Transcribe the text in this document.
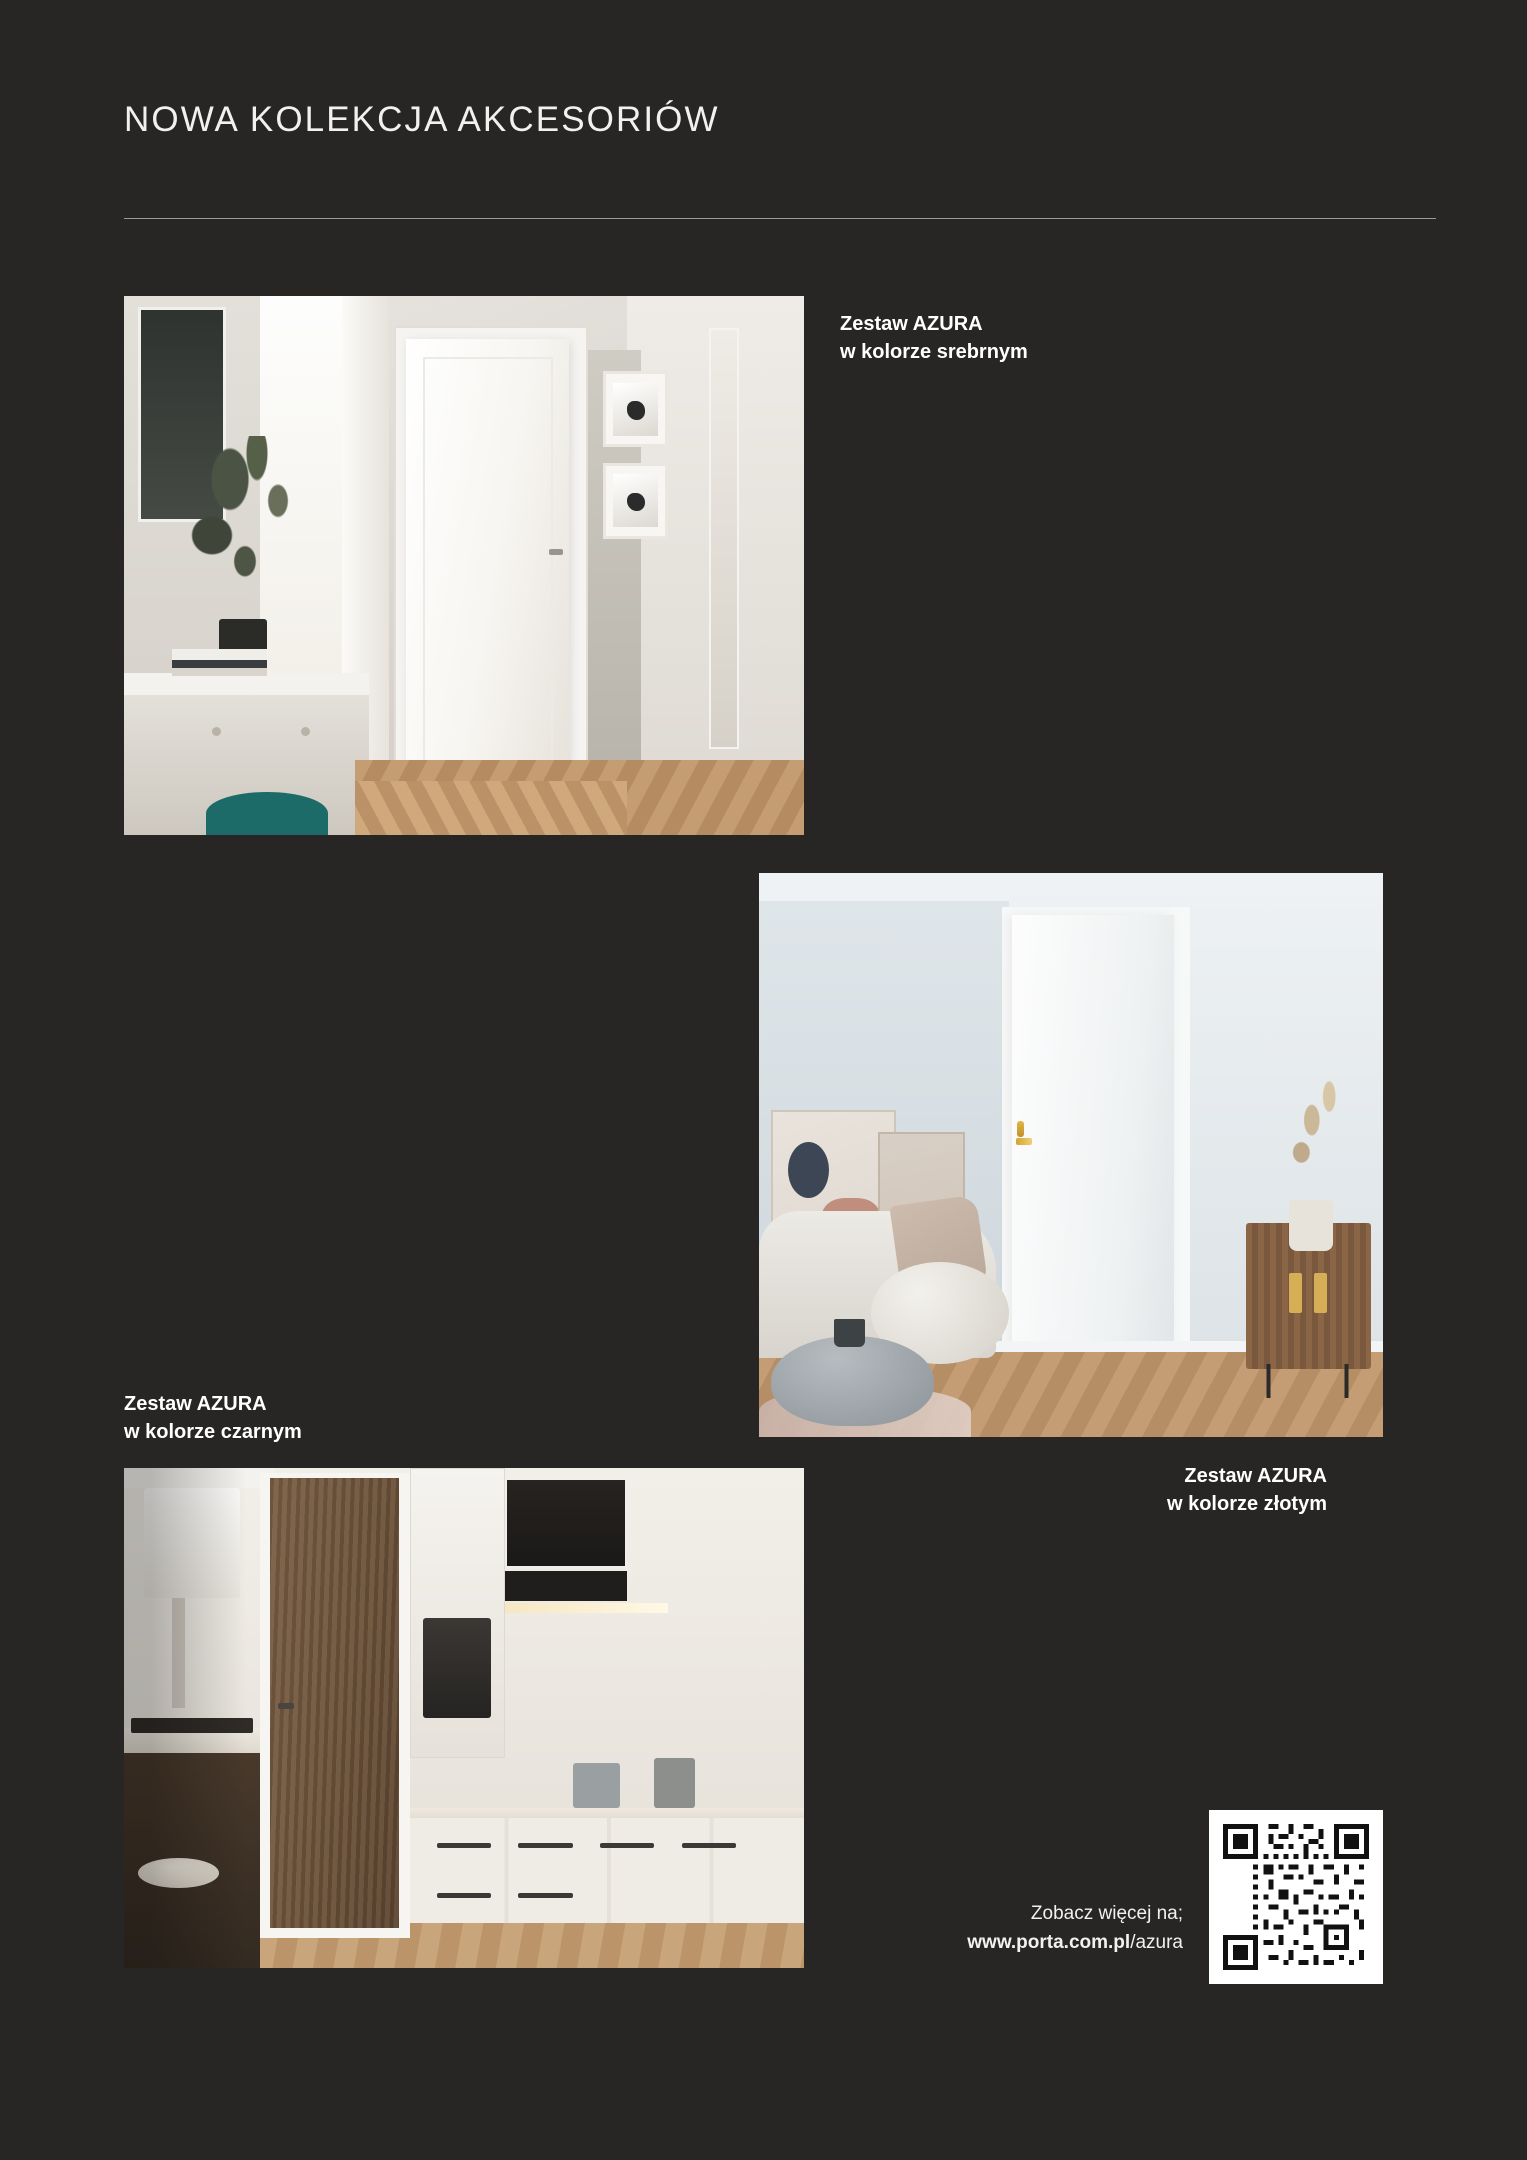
NOWA KOLEKCJA AKCESORIÓW
Zestaw AZURA
w kolorze srebrnym
Zestaw AZURA
w kolorze złotym
Zestaw AZURA
w kolorze czarnym
Zobacz więcej na;
www.porta.com.pl/azura
